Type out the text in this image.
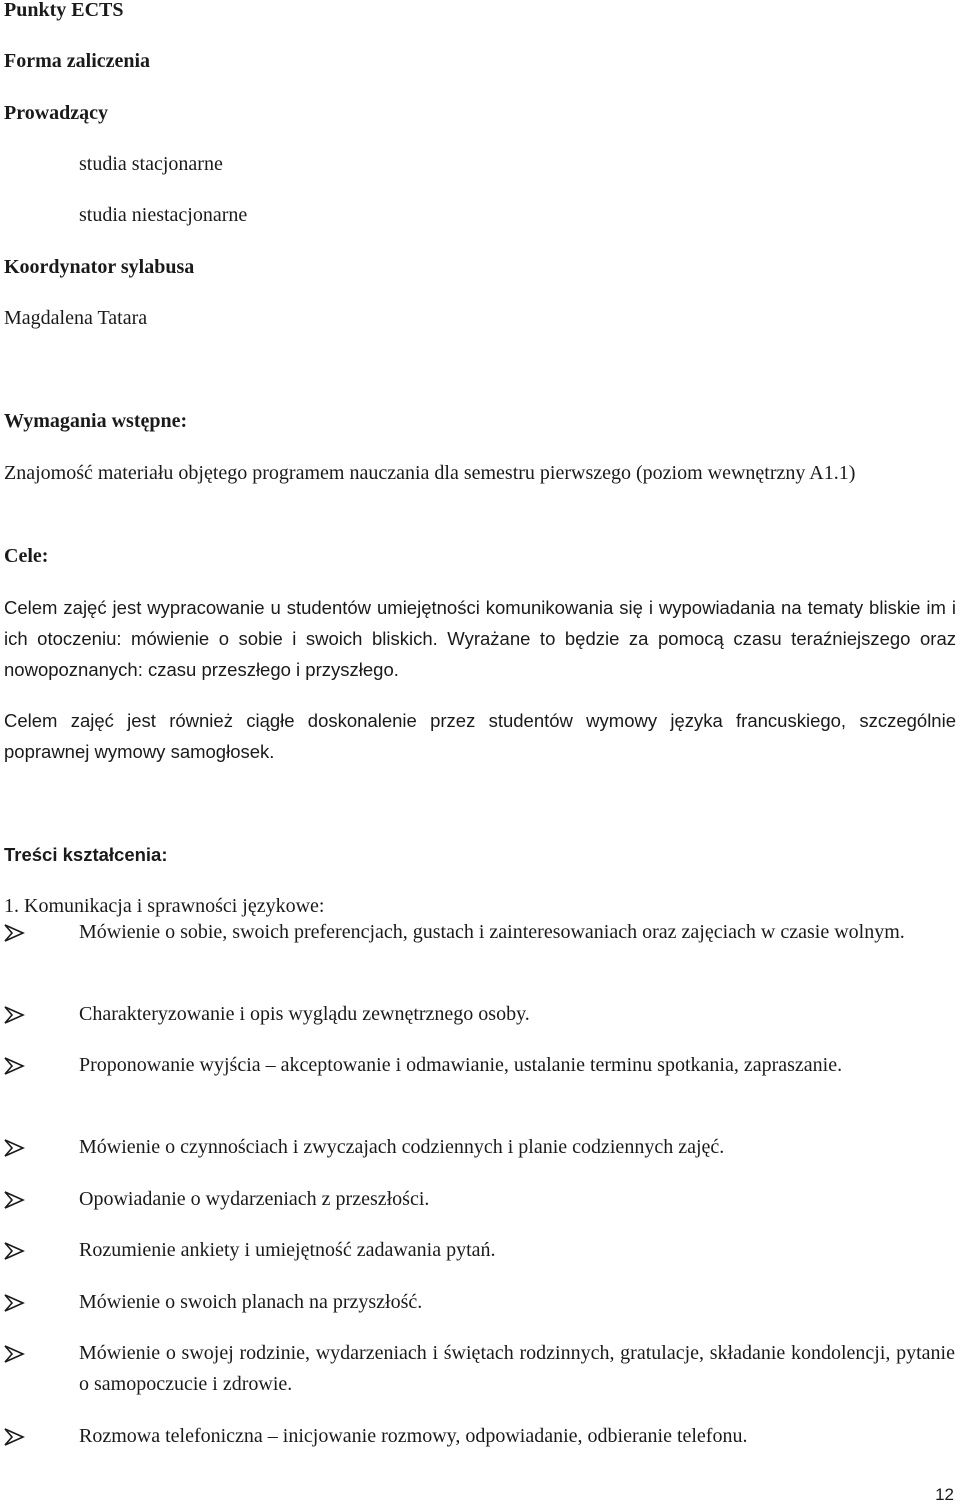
Punkty ECTS
Forma zaliczenia
Prowadzący
studia stacjonarne
studia niestacjonarne
Koordynator sylabusa
Magdalena Tatara
Wymagania wstępne:
Znajomość materiału objętego programem nauczania dla semestru pierwszego (poziom wewnętrzny A1.1)
Cele:
Celem zajęć jest wypracowanie u studentów umiejętności komunikowania się i wypowiadania na tematy bliskie im i ich otoczeniu: mówienie o sobie i swoich bliskich. Wyrażane to będzie za pomocą czasu teraźniejszego oraz nowopoznanych: czasu przeszłego i przyszłego.
Celem zajęć jest również ciągłe doskonalenie przez studentów wymowy języka francuskiego, szczególnie poprawnej wymowy samogłosek.
Treści kształcenia:
1. Komunikacja i sprawności językowe:
Mówienie o sobie, swoich preferencjach, gustach i zainteresowaniach oraz zajęciach w czasie wolnym.
Charakteryzowanie i opis wyglądu zewnętrznego osoby.
Proponowanie wyjścia – akceptowanie i odmawianie, ustalanie terminu spotkania, zapraszanie.
Mówienie o czynnościach i zwyczajach codziennych i planie codziennych zajęć.
Opowiadanie o wydarzeniach z przeszłości.
Rozumienie ankiety i umiejętność zadawania pytań.
Mówienie o swoich planach na przyszłość.
Mówienie o swojej rodzinie, wydarzeniach i świętach rodzinnych, gratulacje, składanie kondolencji, pytanie o samopoczucie i zdrowie.
Rozmowa telefoniczna – inicjowanie rozmowy, odpowiadanie, odbieranie telefonu.
12
